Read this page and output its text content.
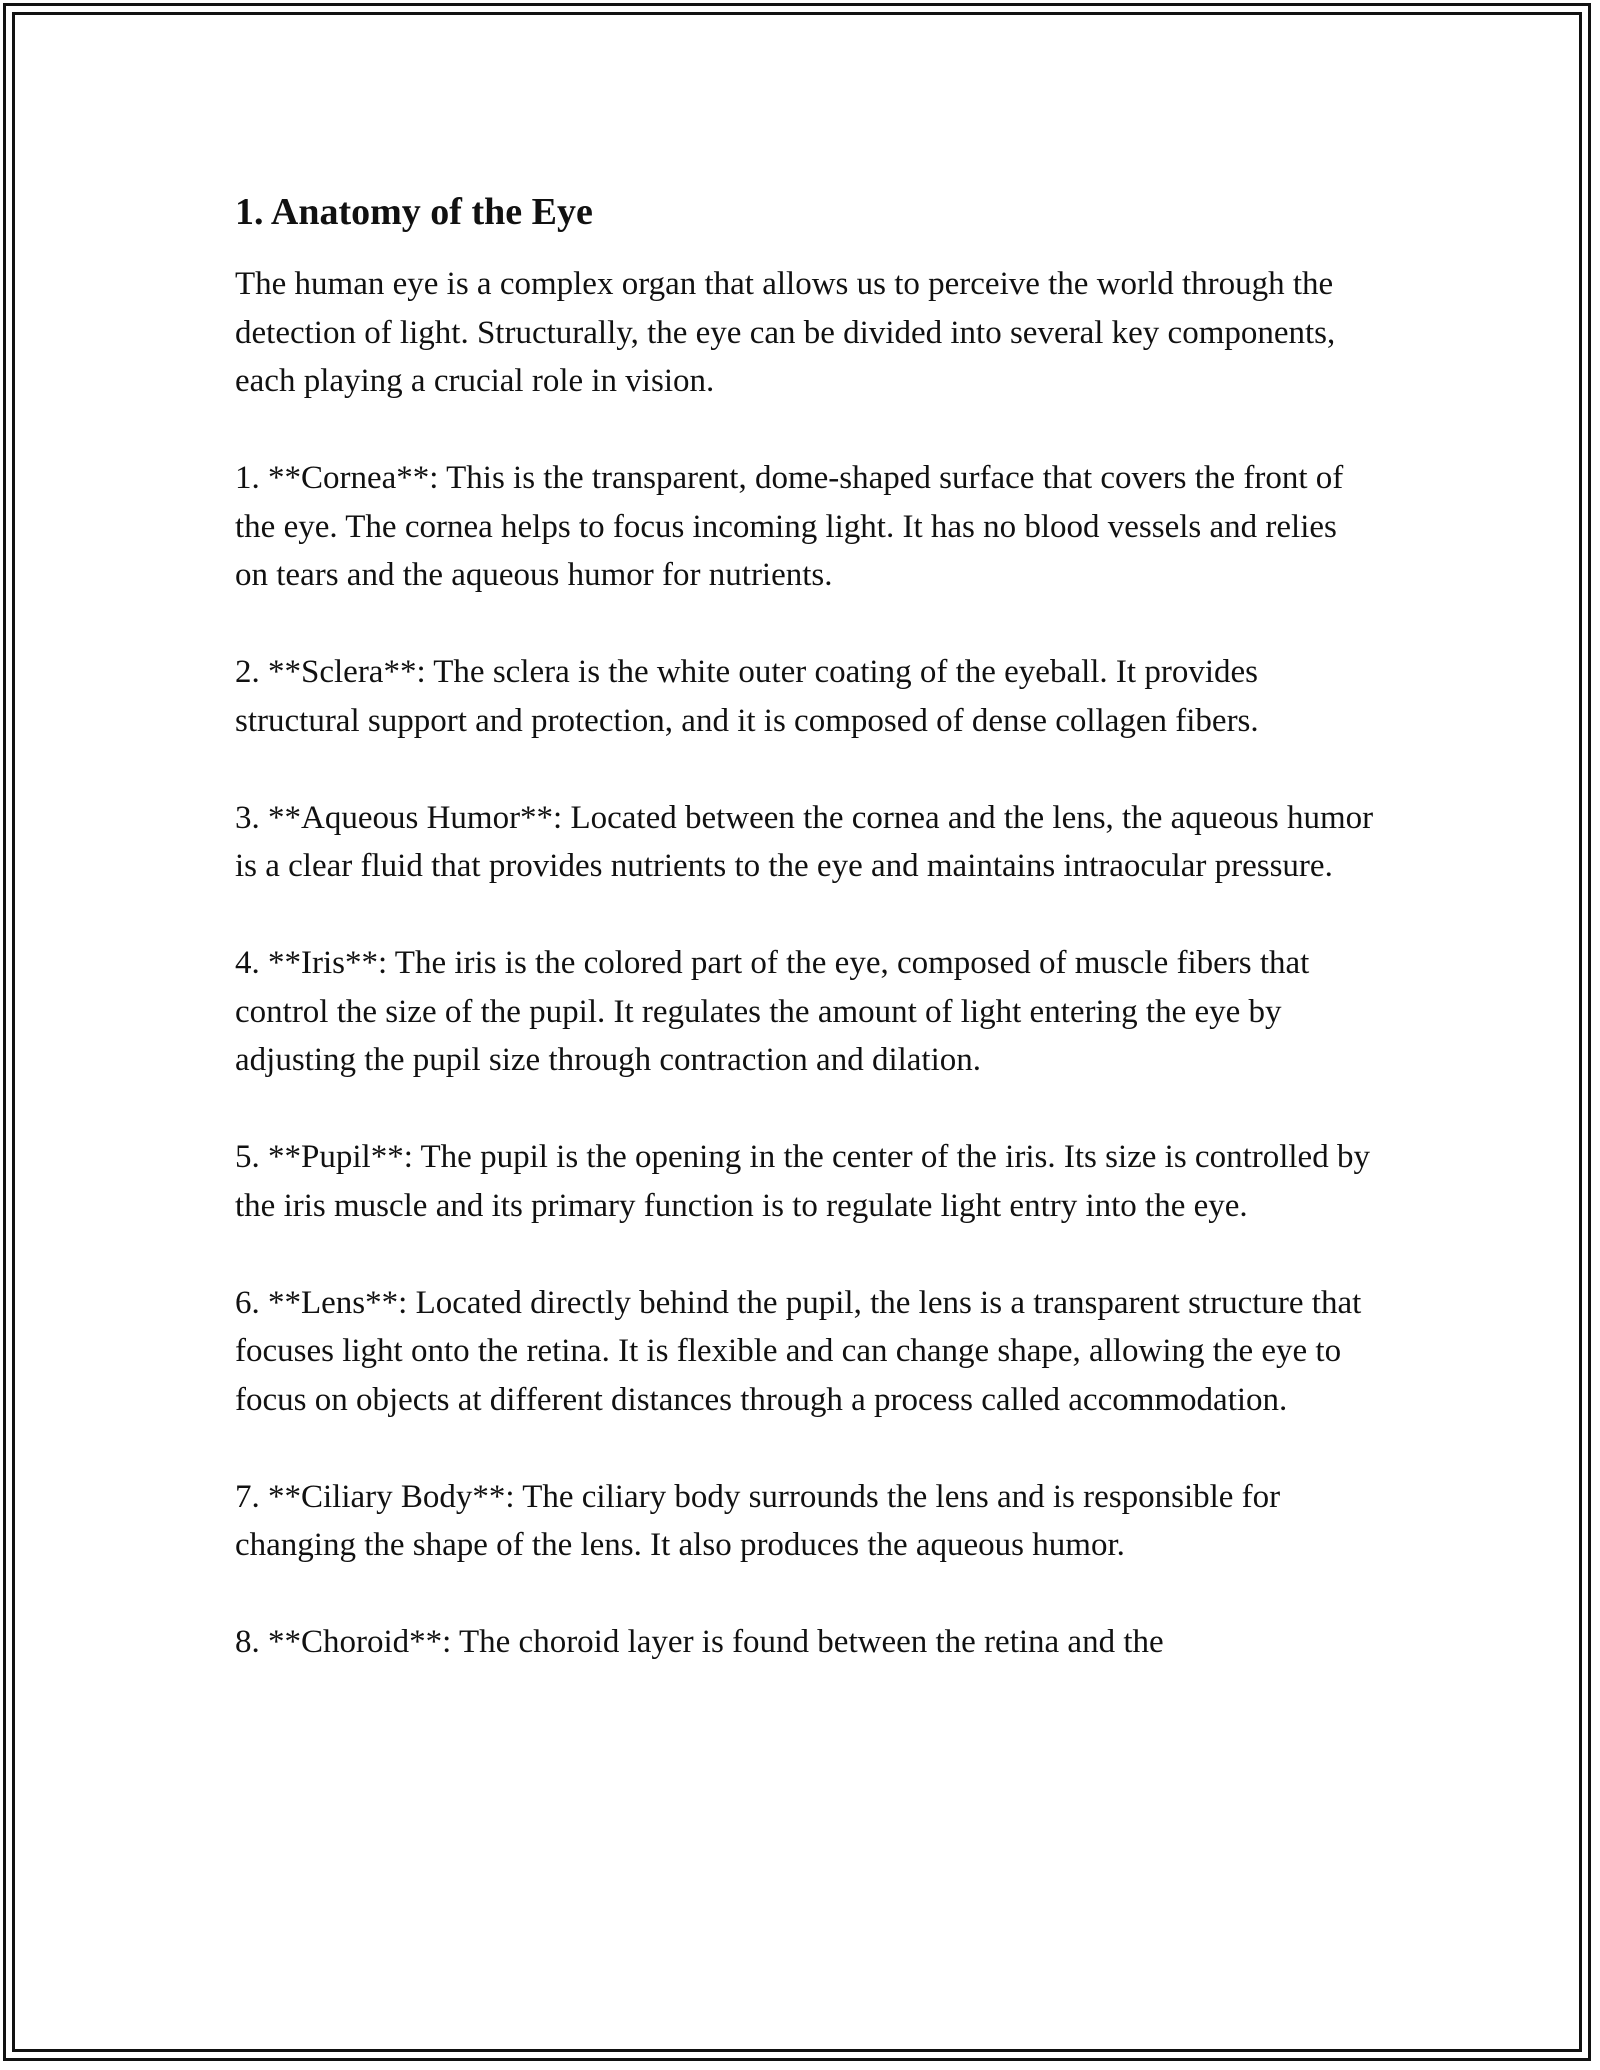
1. Anatomy of the Eye

The human eye is a complex organ that allows us to perceive the world through the detection of light. Structurally, the eye can be divided into several key components, each playing a crucial role in vision.

1. **Cornea**: This is the transparent, dome-shaped surface that covers the front of the eye. The cornea helps to focus incoming light. It has no blood vessels and relies on tears and the aqueous humor for nutrients.

2. **Sclera**: The sclera is the white outer coating of the eyeball. It provides structural support and protection, and it is composed of dense collagen fibers.

3. **Aqueous Humor**: Located between the cornea and the lens, the aqueous humor is a clear fluid that provides nutrients to the eye and maintains intraocular pressure.

4. **Iris**: The iris is the colored part of the eye, composed of muscle fibers that control the size of the pupil. It regulates the amount of light entering the eye by adjusting the pupil size through contraction and dilation.

5. **Pupil**: The pupil is the opening in the center of the iris. Its size is controlled by the iris muscle and its primary function is to regulate light entry into the eye.

6. **Lens**: Located directly behind the pupil, the lens is a transparent structure that focuses light onto the retina. It is flexible and can change shape, allowing the eye to focus on objects at different distances through a process called accommodation.

7. **Ciliary Body**: The ciliary body surrounds the lens and is responsible for changing the shape of the lens. It also produces the aqueous humor.

8. **Choroid**: The choroid layer is found between the retina and the
